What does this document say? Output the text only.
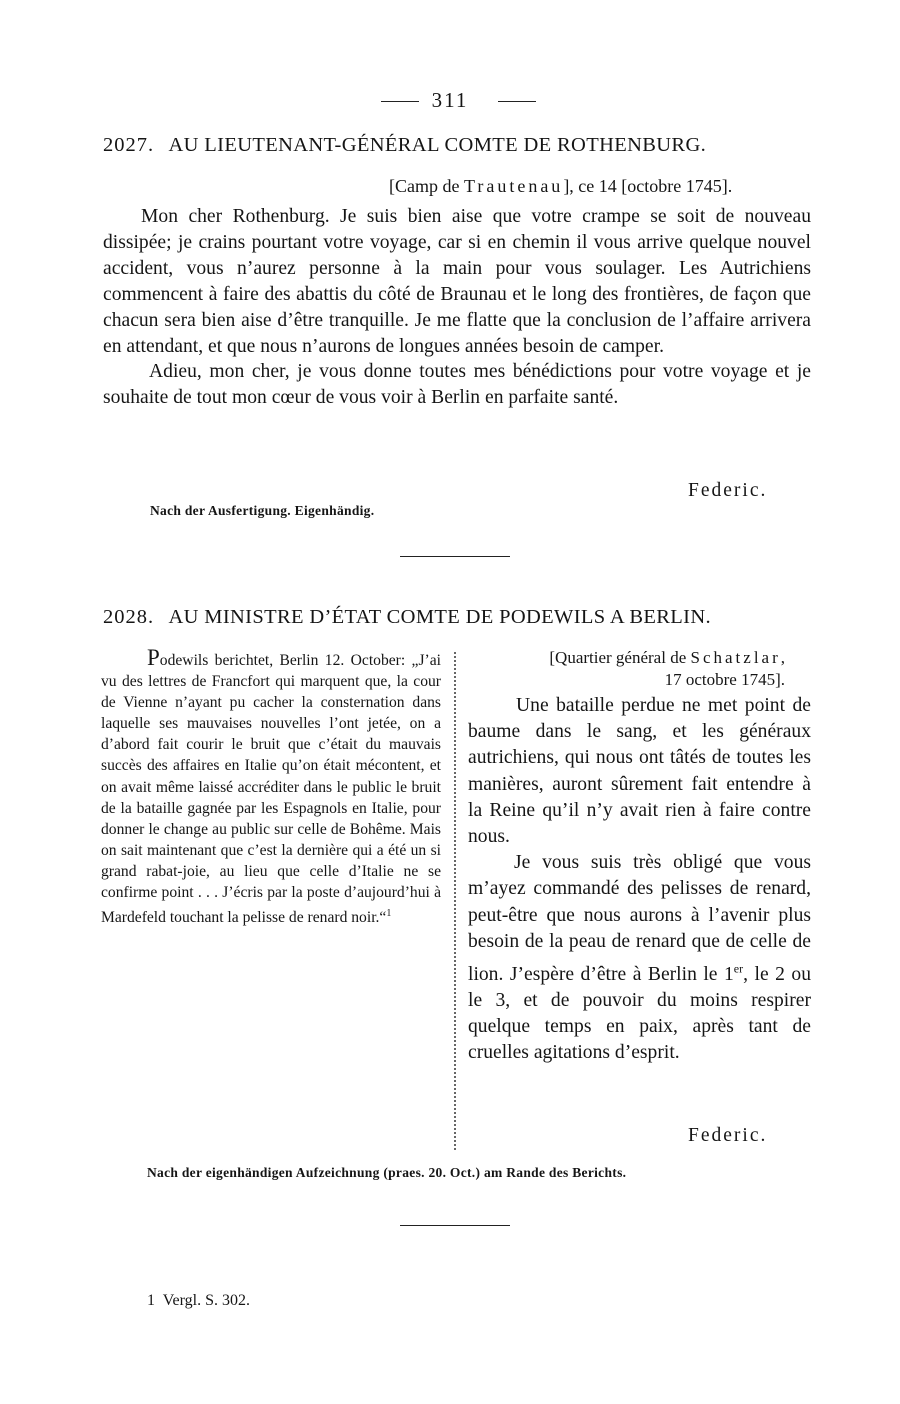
311
2027. AU LIEUTENANT-GÉNÉRAL COMTE DE ROTHENBURG.
[Camp de Trautenau], ce 14 [octobre 1745].

Mon cher Rothenburg. Je suis bien aise que votre crampe se soit de nouveau dissipée; je crains pourtant votre voyage, car si en chemin il vous arrive quelque nouvel accident, vous n’aurez personne à la main pour vous soulager. Les Autrichiens commencent à faire des abattis du côté de Braunau et le long des frontières, de façon que chacun sera bien aise d’être tranquille. Je me flatte que la conclusion de l’affaire arrivera en attendant, et que nous n’aurons de longues années besoin de camper.

Adieu, mon cher, je vous donne toutes mes bénédictions pour votre voyage et je souhaite de tout mon cœur de vous voir à Berlin en parfaite santé.

Federic.
Nach der Ausfertigung. Eigenhändig.
2028. AU MINISTRE D’ÉTAT COMTE DE PODEWILS A BERLIN.

Podewils berichtet, Berlin 12. October: „J’ai vu des lettres de Francfort qui marquent que, la cour de Vienne n’ayant pu cacher la consternation dans laquelle ses mauvaises nouvelles l’ont jetée, on a d’abord fait courir le bruit que c’était du mauvais succès des affaires en Italie qu’on était mécontent, et on avait même laissé accréditer dans le public le bruit de la bataille gagnée par les Espagnols en Italie, pour donner le change au public sur celle de Bohême. Mais on sait maintenant que c’est la dernière qui a été un si grand rabat-joie, au lieu que celle d’Italie ne se confirme point . . . J’écris par la poste d’aujourd’hui à Mardefeld touchant la pelisse de renard noir.“$^1$

[Quartier général de Schatzlar,
17 octobre 1745].

Une bataille perdue ne met point de baume dans le sang, et les généraux autrichiens, qui nous ont tâtés de toutes les manières, auront sûrement fait entendre à la Reine qu’il n’y avait rien à faire contre nous.

Je vous suis très obligé que vous m’ayez commandé des pelisses de renard, peut-être que nous aurons à l’avenir plus besoin de la peau de renard que de celle de lion. J’espère d’être à Berlin le 1er, le 2 ou le 3, et de pouvoir du moins respirer quelque temps en paix, après tant de cruelles agitations d’esprit.

Federic.
Nach der eigenhändigen Aufzeichnung (praes. 20. Oct.) am Rande des Berichts.
1 Vergl. S. 302.
